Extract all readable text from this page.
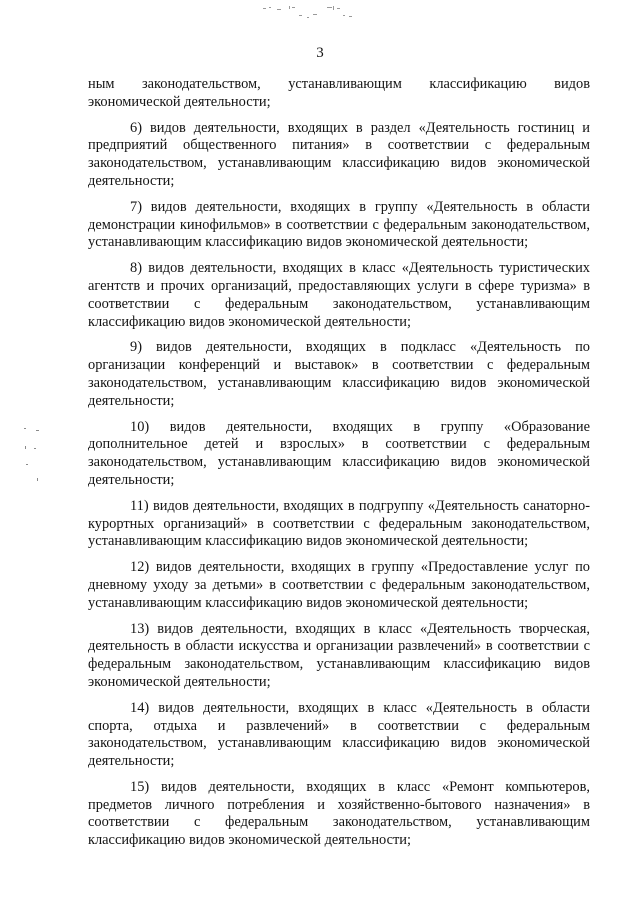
3

ным законодательством, устанавливающим классификацию видов экономической деятельности;

6) видов деятельности, входящих в раздел «Деятельность гостиниц и предприятий общественного питания» в соответствии с федеральным законодательством, устанавливающим классификацию видов экономической деятельности;

7) видов деятельности, входящих в группу «Деятельность в области демонстрации кинофильмов» в соответствии с федеральным законодательством, устанавливающим классификацию видов экономической деятельности;

8) видов деятельности, входящих в класс «Деятельность туристических агентств и прочих организаций, предоставляющих услуги в сфере туризма» в соответствии с федеральным законодательством, устанавливающим классификацию видов экономической деятельности;

9) видов деятельности, входящих в подкласс «Деятельность по организации конференций и выставок» в соответствии с федеральным законодательством, устанавливающим классификацию видов экономической деятельности;

10) видов деятельности, входящих в группу «Образование дополнительное детей и взрослых» в соответствии с федеральным законодательством, устанавливающим классификацию видов экономической деятельности;

11) видов деятельности, входящих в подгруппу «Деятельность санаторно-курортных организаций» в соответствии с федеральным законодательством, устанавливающим классификацию видов экономической деятельности;

12) видов деятельности, входящих в группу «Предоставление услуг по дневному уходу за детьми» в соответствии с федеральным законодательством, устанавливающим классификацию видов экономической деятельности;

13) видов деятельности, входящих в класс «Деятельность творческая, деятельность в области искусства и организации развлечений» в соответствии с федеральным законодательством, устанавливающим классификацию видов экономической деятельности;

14) видов деятельности, входящих в класс «Деятельность в области спорта, отдыха и развлечений» в соответствии с федеральным законодательством, устанавливающим классификацию видов экономической деятельности;

15) видов деятельности, входящих в класс «Ремонт компьютеров, предметов личного потребления и хозяйственно-бытового назначения» в соответствии с федеральным законодательством, устанавливающим классификацию видов экономической деятельности;
